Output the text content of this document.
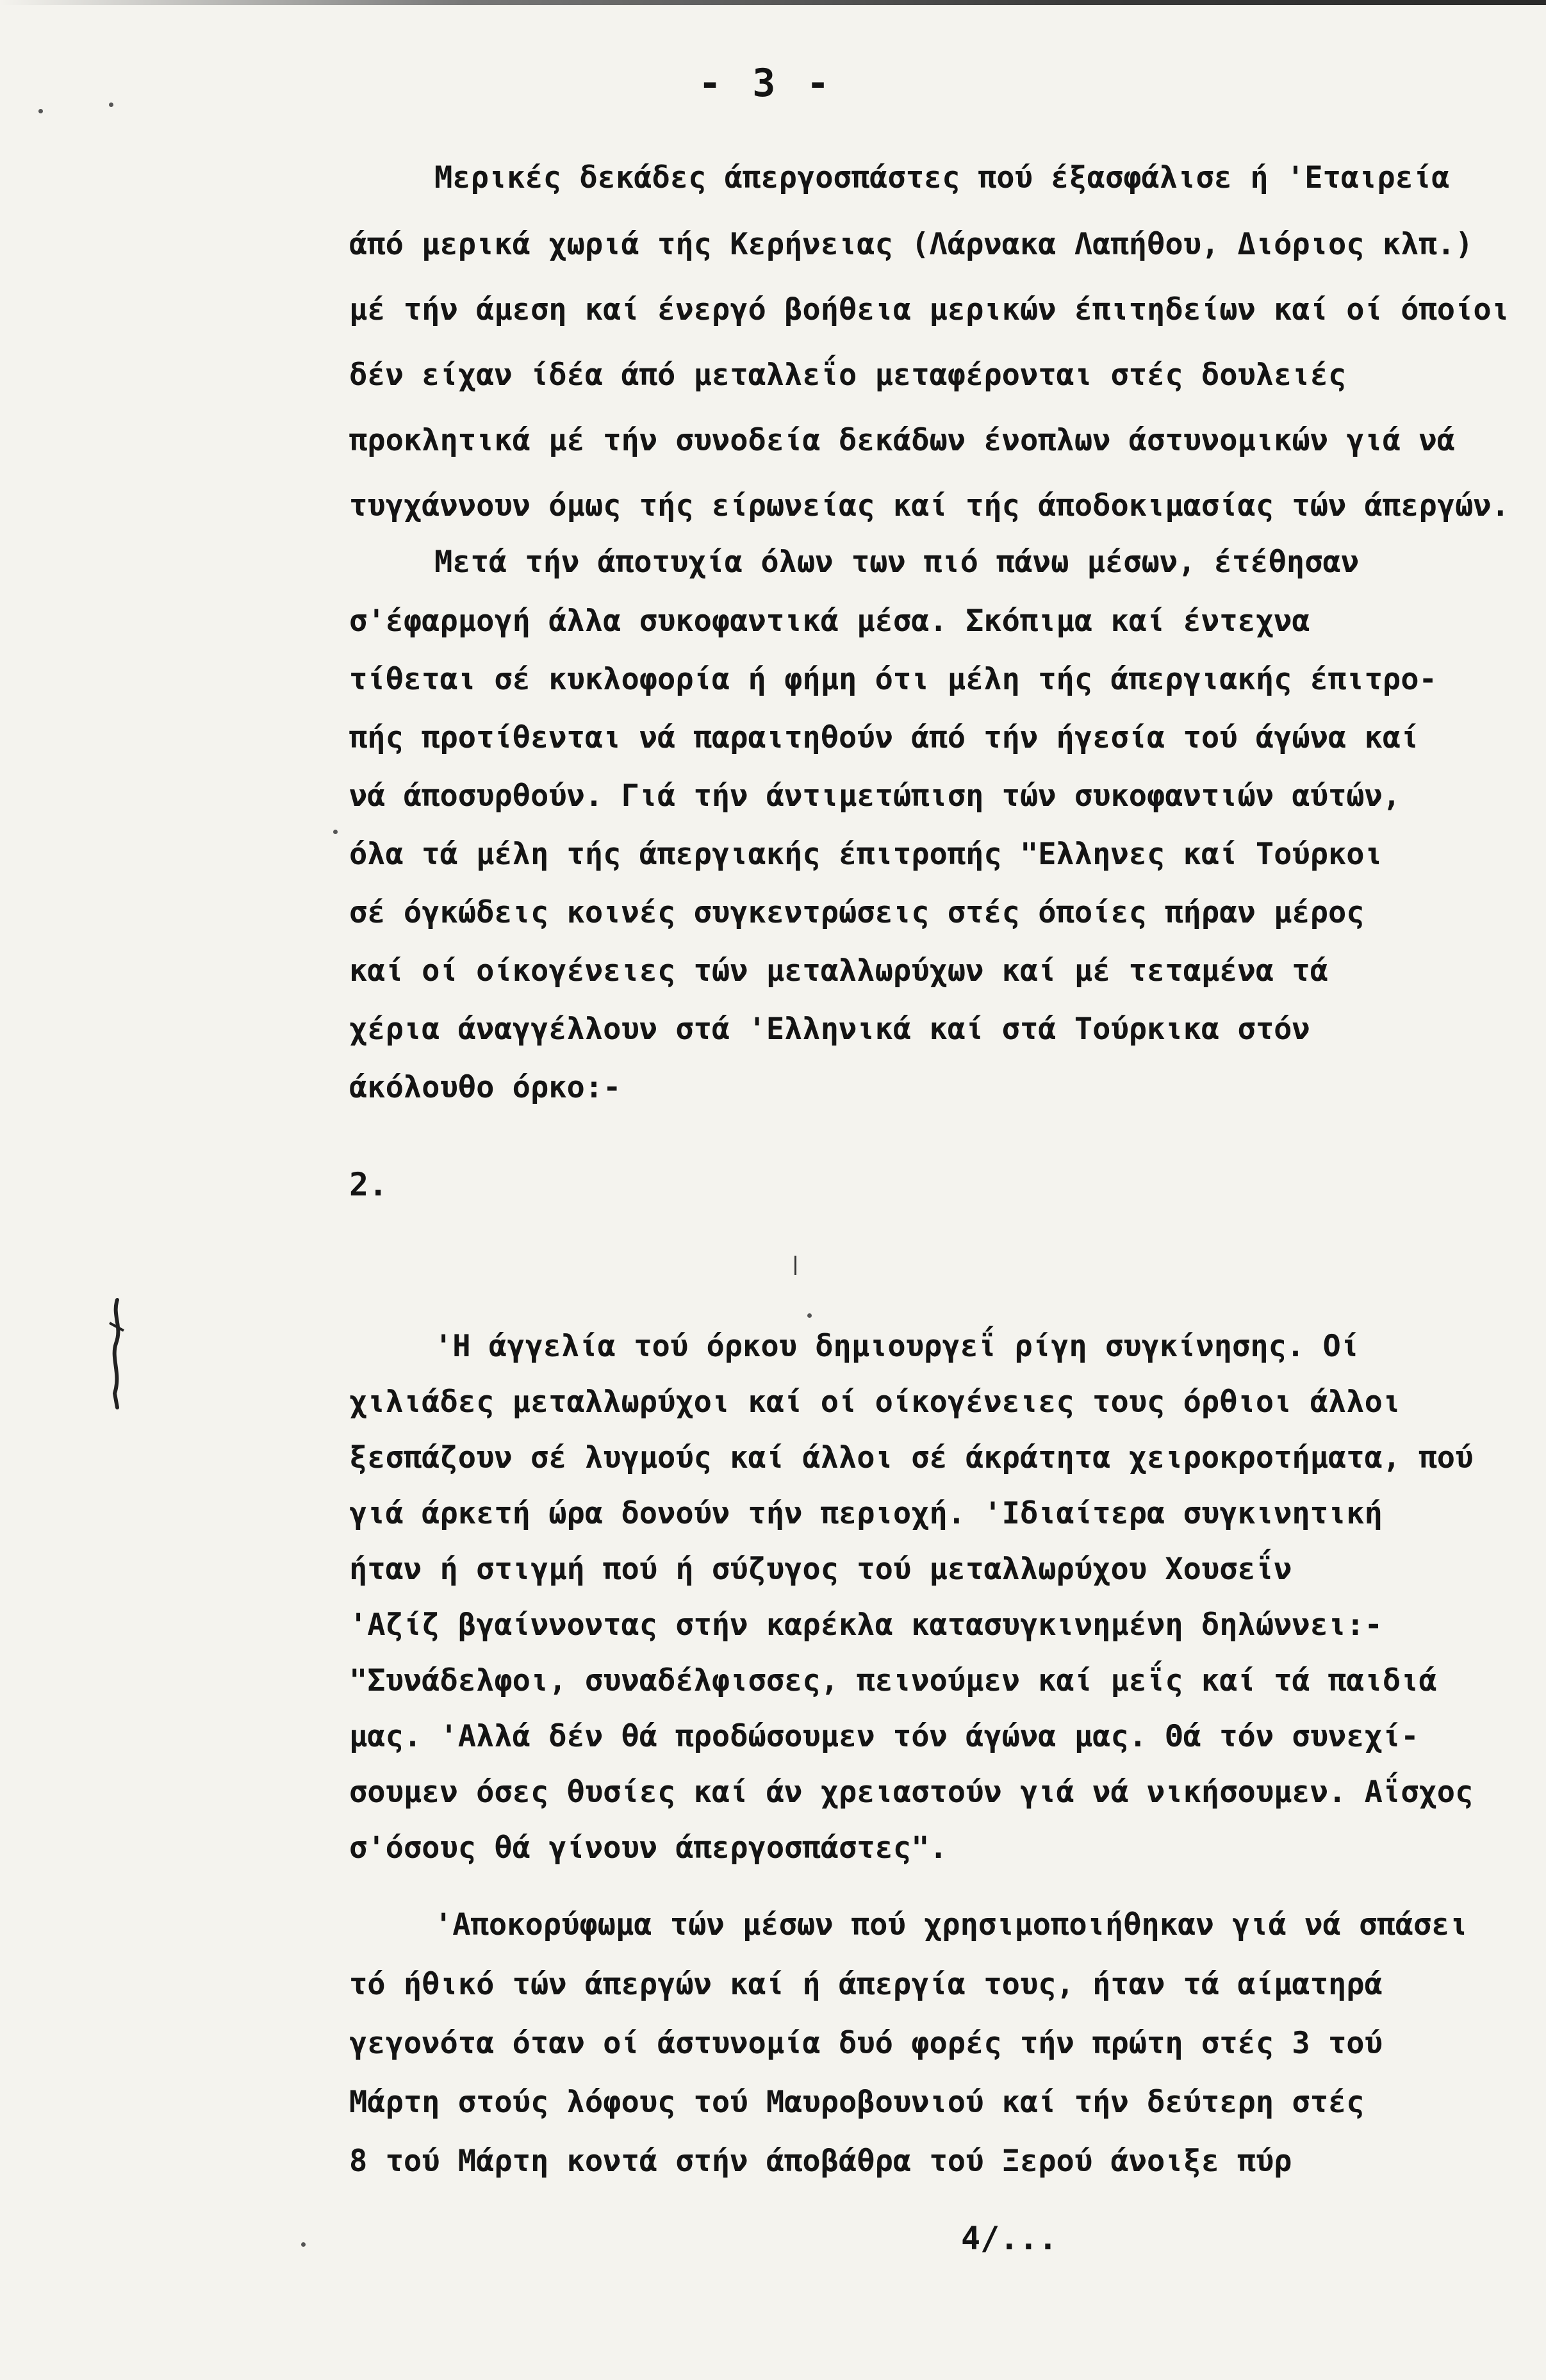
- 3 -
Μερικές δεκάδες άπεργοσπάστες πού έξασφάλισε ή 'Εταιρεία
άπό μερικά χωριά τής Κερήνειας (Λάρνακα Λαπήθου, Διόριος κλπ.)
μέ τήν άμεση καί ένεργό βοήθεια μερικών έπιτηδείων καί οί όποίοι
δέν είχαν ίδέα άπό μεταλλεΐο μεταφέρονται στές δουλειές
προκλητικά μέ τήν συνοδεία δεκάδων ένοπλων άστυνομικών γιά νά
τυγχάννουν όμως τής είρωνείας καί τής άποδοκιμασίας τών άπεργών.
Μετά τήν άποτυχία όλων των πιό πάνω μέσων, έτέθησαν
σ'έφαρμογή άλλα συκοφαντικά μέσα. Σκόπιμα καί έντεχνα
τίθεται σέ κυκλοφορία ή φήμη ότι μέλη τής άπεργιακής έπιτρο-
πής προτίθενται νά παραιτηθούν άπό τήν ήγεσία τού άγώνα καί
νά άποσυρθούν. Γιά τήν άντιμετώπιση τών συκοφαντιών αύτών,
όλα τά μέλη τής άπεργιακής έπιτροπής "Ελληνες καί Τούρκοι
σέ όγκώδεις κοινές συγκεντρώσεις στές όποίες πήραν μέρος
καί οί οίκογένειες τών μεταλλωρύχων καί μέ τεταμένα τά
χέρια άναγγέλλουν στά 'Ελληνικά καί στά Τούρκικα στόν
άκόλουθο όρκο:-
2.
'Η άγγελία τού όρκου δημιουργεΐ ρίγη συγκίνησης. Οί
χιλιάδες μεταλλωρύχοι καί οί οίκογένειες τους όρθιοι άλλοι
ξεσπάζουν σέ λυγμούς καί άλλοι σέ άκράτητα χειροκροτήματα, πού
γιά άρκετή ώρα δονούν τήν περιοχή. 'Ιδιαίτερα συγκινητική
ήταν ή στιγμή πού ή σύζυγος τού μεταλλωρύχου Χουσεΐν
'Αζίζ βγαίννοντας στήν καρέκλα κατασυγκινημένη δηλώννει:-
"Συνάδελφοι, συναδέλφισσες, πεινούμεν καί μεΐς καί τά παιδιά
μας. 'Αλλά δέν θά προδώσουμεν τόν άγώνα μας. Θά τόν συνεχί-
σουμεν όσες θυσίες καί άν χρειαστούν γιά νά νικήσουμεν. Αΐσχος
σ'όσους θά γίνουν άπεργοσπάστες".
'Αποκορύφωμα τών μέσων πού χρησιμοποιήθηκαν γιά νά σπάσει
τό ήθικό τών άπεργών καί ή άπεργία τους, ήταν τά αίματηρά
γεγονότα όταν οί άστυνομία δυό φορές τήν πρώτη στές 3 τού
Μάρτη στούς λόφους τού Μαυροβουνιού καί τήν δεύτερη στές
8 τού Μάρτη κοντά στήν άποβάθρα τού Ξερού άνοιξε πύρ
4/...
